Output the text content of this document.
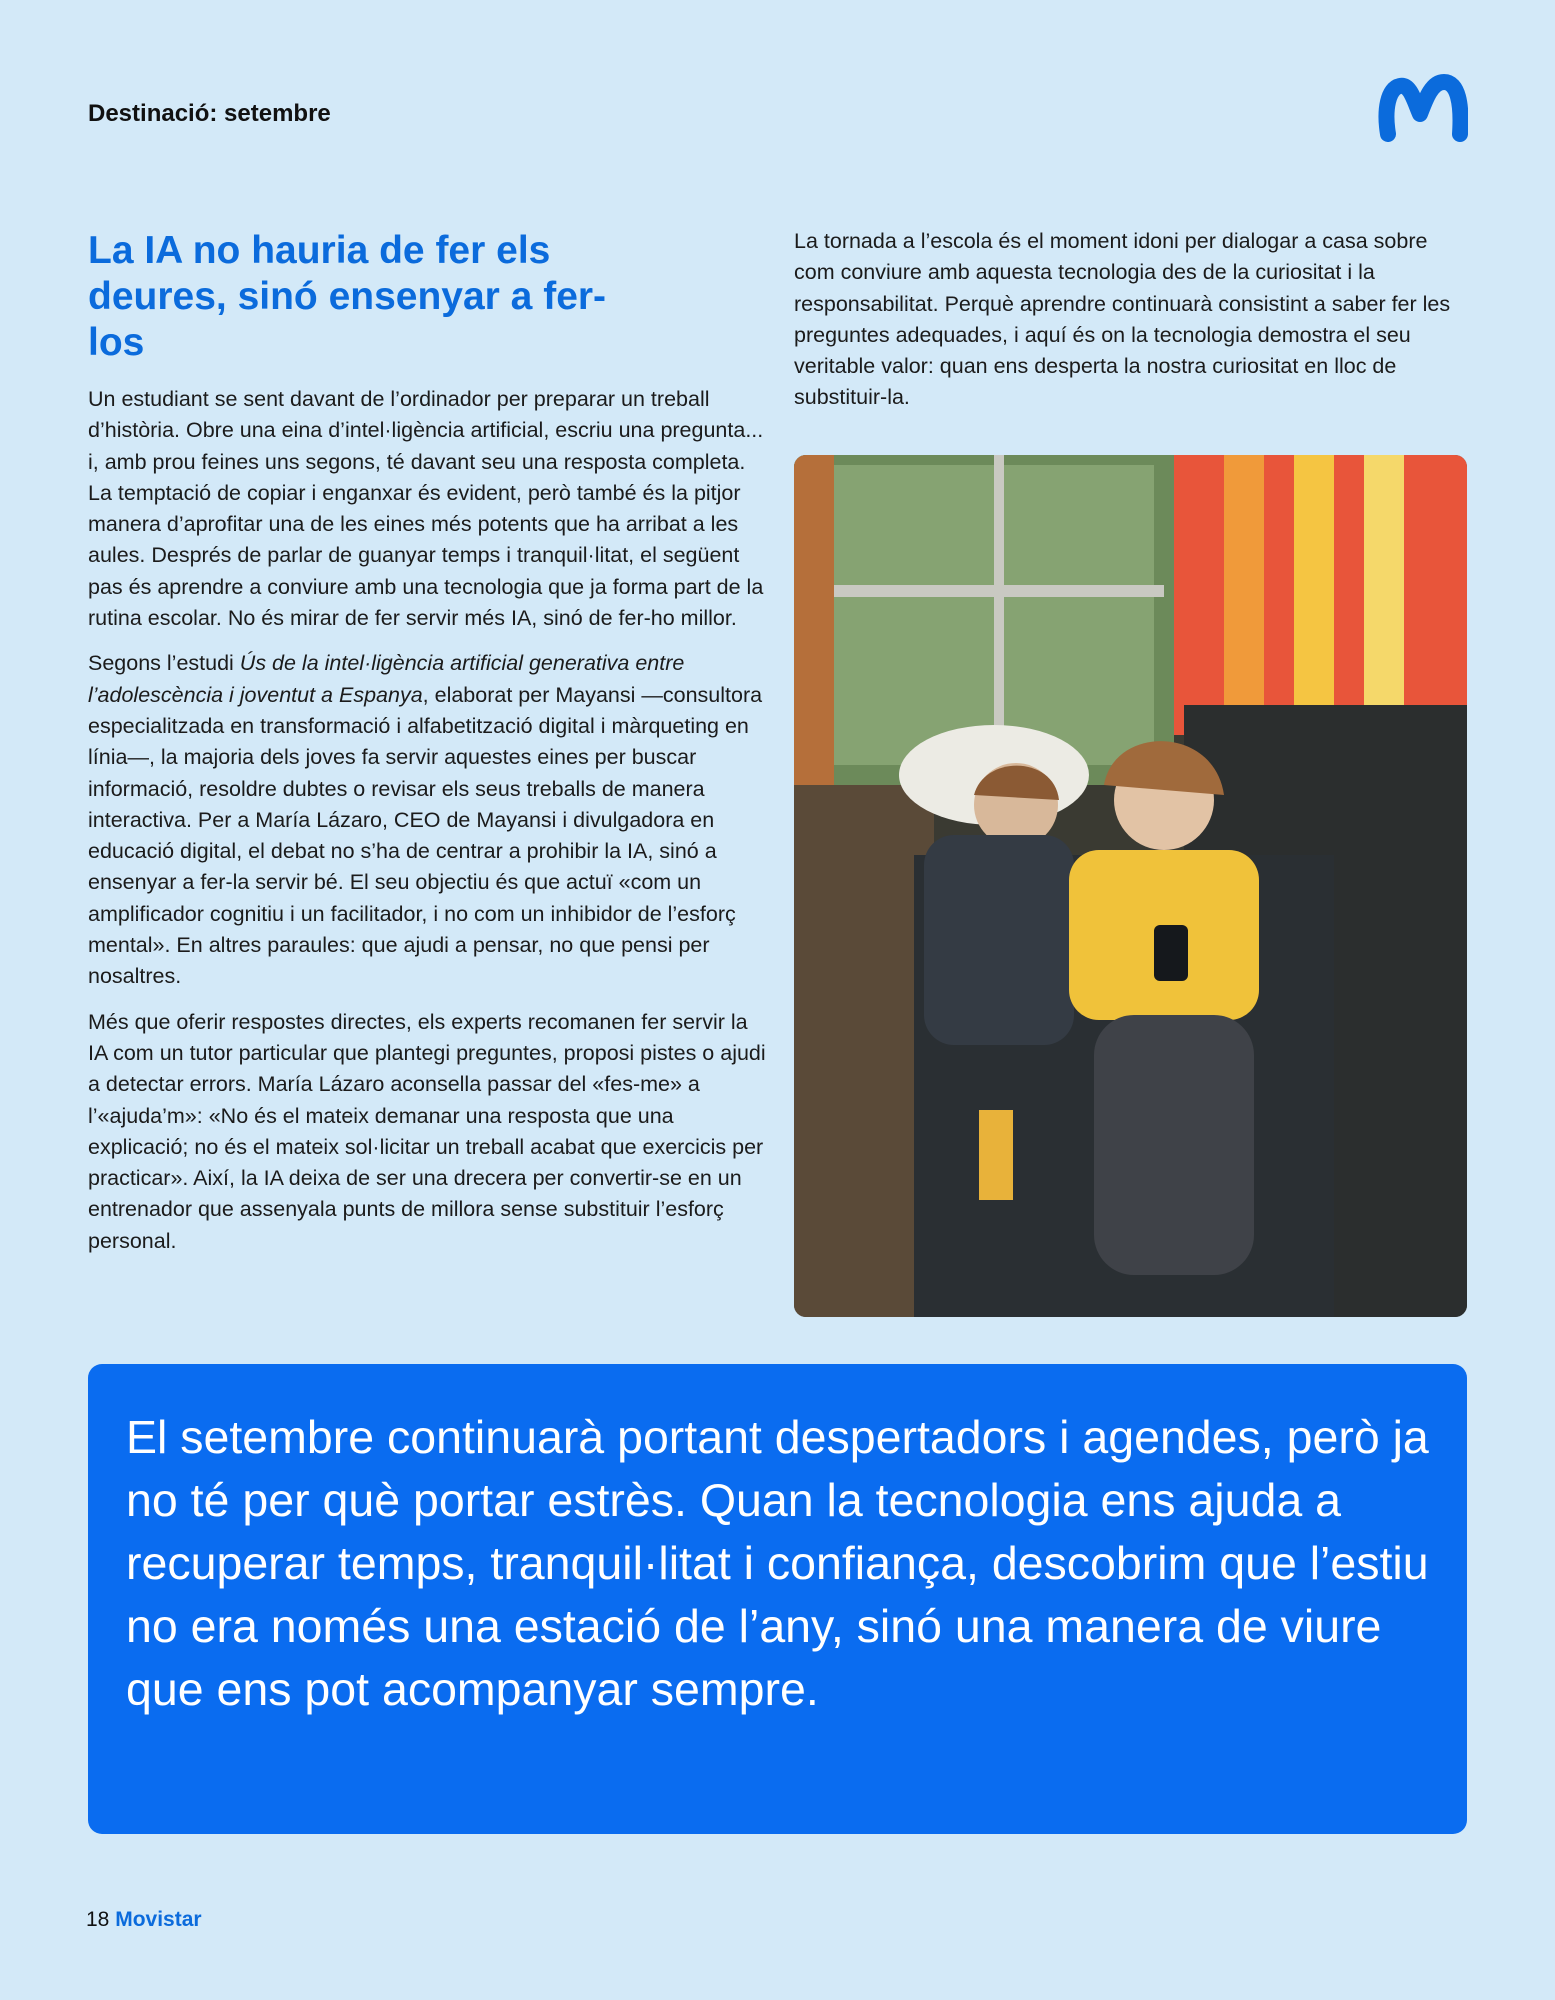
Destinació: setembre
La IA no hauria de fer els deures, sinó ensenyar a fer-los

Un estudiant se sent davant de l’ordinador per preparar un treball d’història. Obre una eina d’intel·ligència artificial, escriu una pregunta... i, amb prou feines uns segons, té davant seu una resposta completa. La temptació de copiar i enganxar és evident, però també és la pitjor manera d’aprofitar una de les eines més potents que ha arribat a les aules. Després de parlar de guanyar temps i tranquil·litat, el següent pas és aprendre a conviure amb una tecnologia que ja forma part de la rutina escolar. No és mirar de fer servir més IA, sinó de fer-ho millor.

Segons l’estudi Ús de la intel·ligència artificial generativa entre l’adolescència i joventut a Espanya, elaborat per Mayansi —consultora especialitzada en transformació i alfabetització digital i màrqueting en línia—, la majoria dels joves fa servir aquestes eines per buscar informació, resoldre dubtes o revisar els seus treballs de manera interactiva. Per a María Lázaro, CEO de Mayansi i divulgadora en educació digital, el debat no s’ha de centrar a prohibir la IA, sinó a ensenyar a fer-la servir bé. El seu objectiu és que actuï «com un amplificador cognitiu i un facilitador, i no com un inhibidor de l’esforç mental». En altres paraules: que ajudi a pensar, no que pensi per nosaltres.

Més que oferir respostes directes, els experts recomanen fer servir la IA com un tutor particular que plantegi preguntes, proposi pistes o ajudi a detectar errors. María Lázaro aconsella passar del «fes-me» a l’«ajuda’m»: «No és el mateix demanar una resposta que una explicació; no és el mateix sol·licitar un treball acabat que exercicis per practicar». Així, la IA deixa de ser una drecera per convertir-se en un entrenador que assenyala punts de millora sense substituir l’esforç personal.

La tornada a l’escola és el moment idoni per dialogar a casa sobre com conviure amb aquesta tecnologia des de la curiositat i la responsabilitat. Perquè aprendre continuarà consistint a saber fer les preguntes adequades, i aquí és on la tecnologia demostra el seu veritable valor: quan ens desperta la nostra curiositat en lloc de substituir-la.

El setembre continuarà portant despertadors i agendes, però ja no té per què portar estrès. Quan la tecnologia ens ajuda a recuperar temps, tranquil·litat i confiança, descobrim que l’estiu no era només una estació de l’any, sinó una manera de viure que ens pot acompanyar sempre.

18 Movistar
